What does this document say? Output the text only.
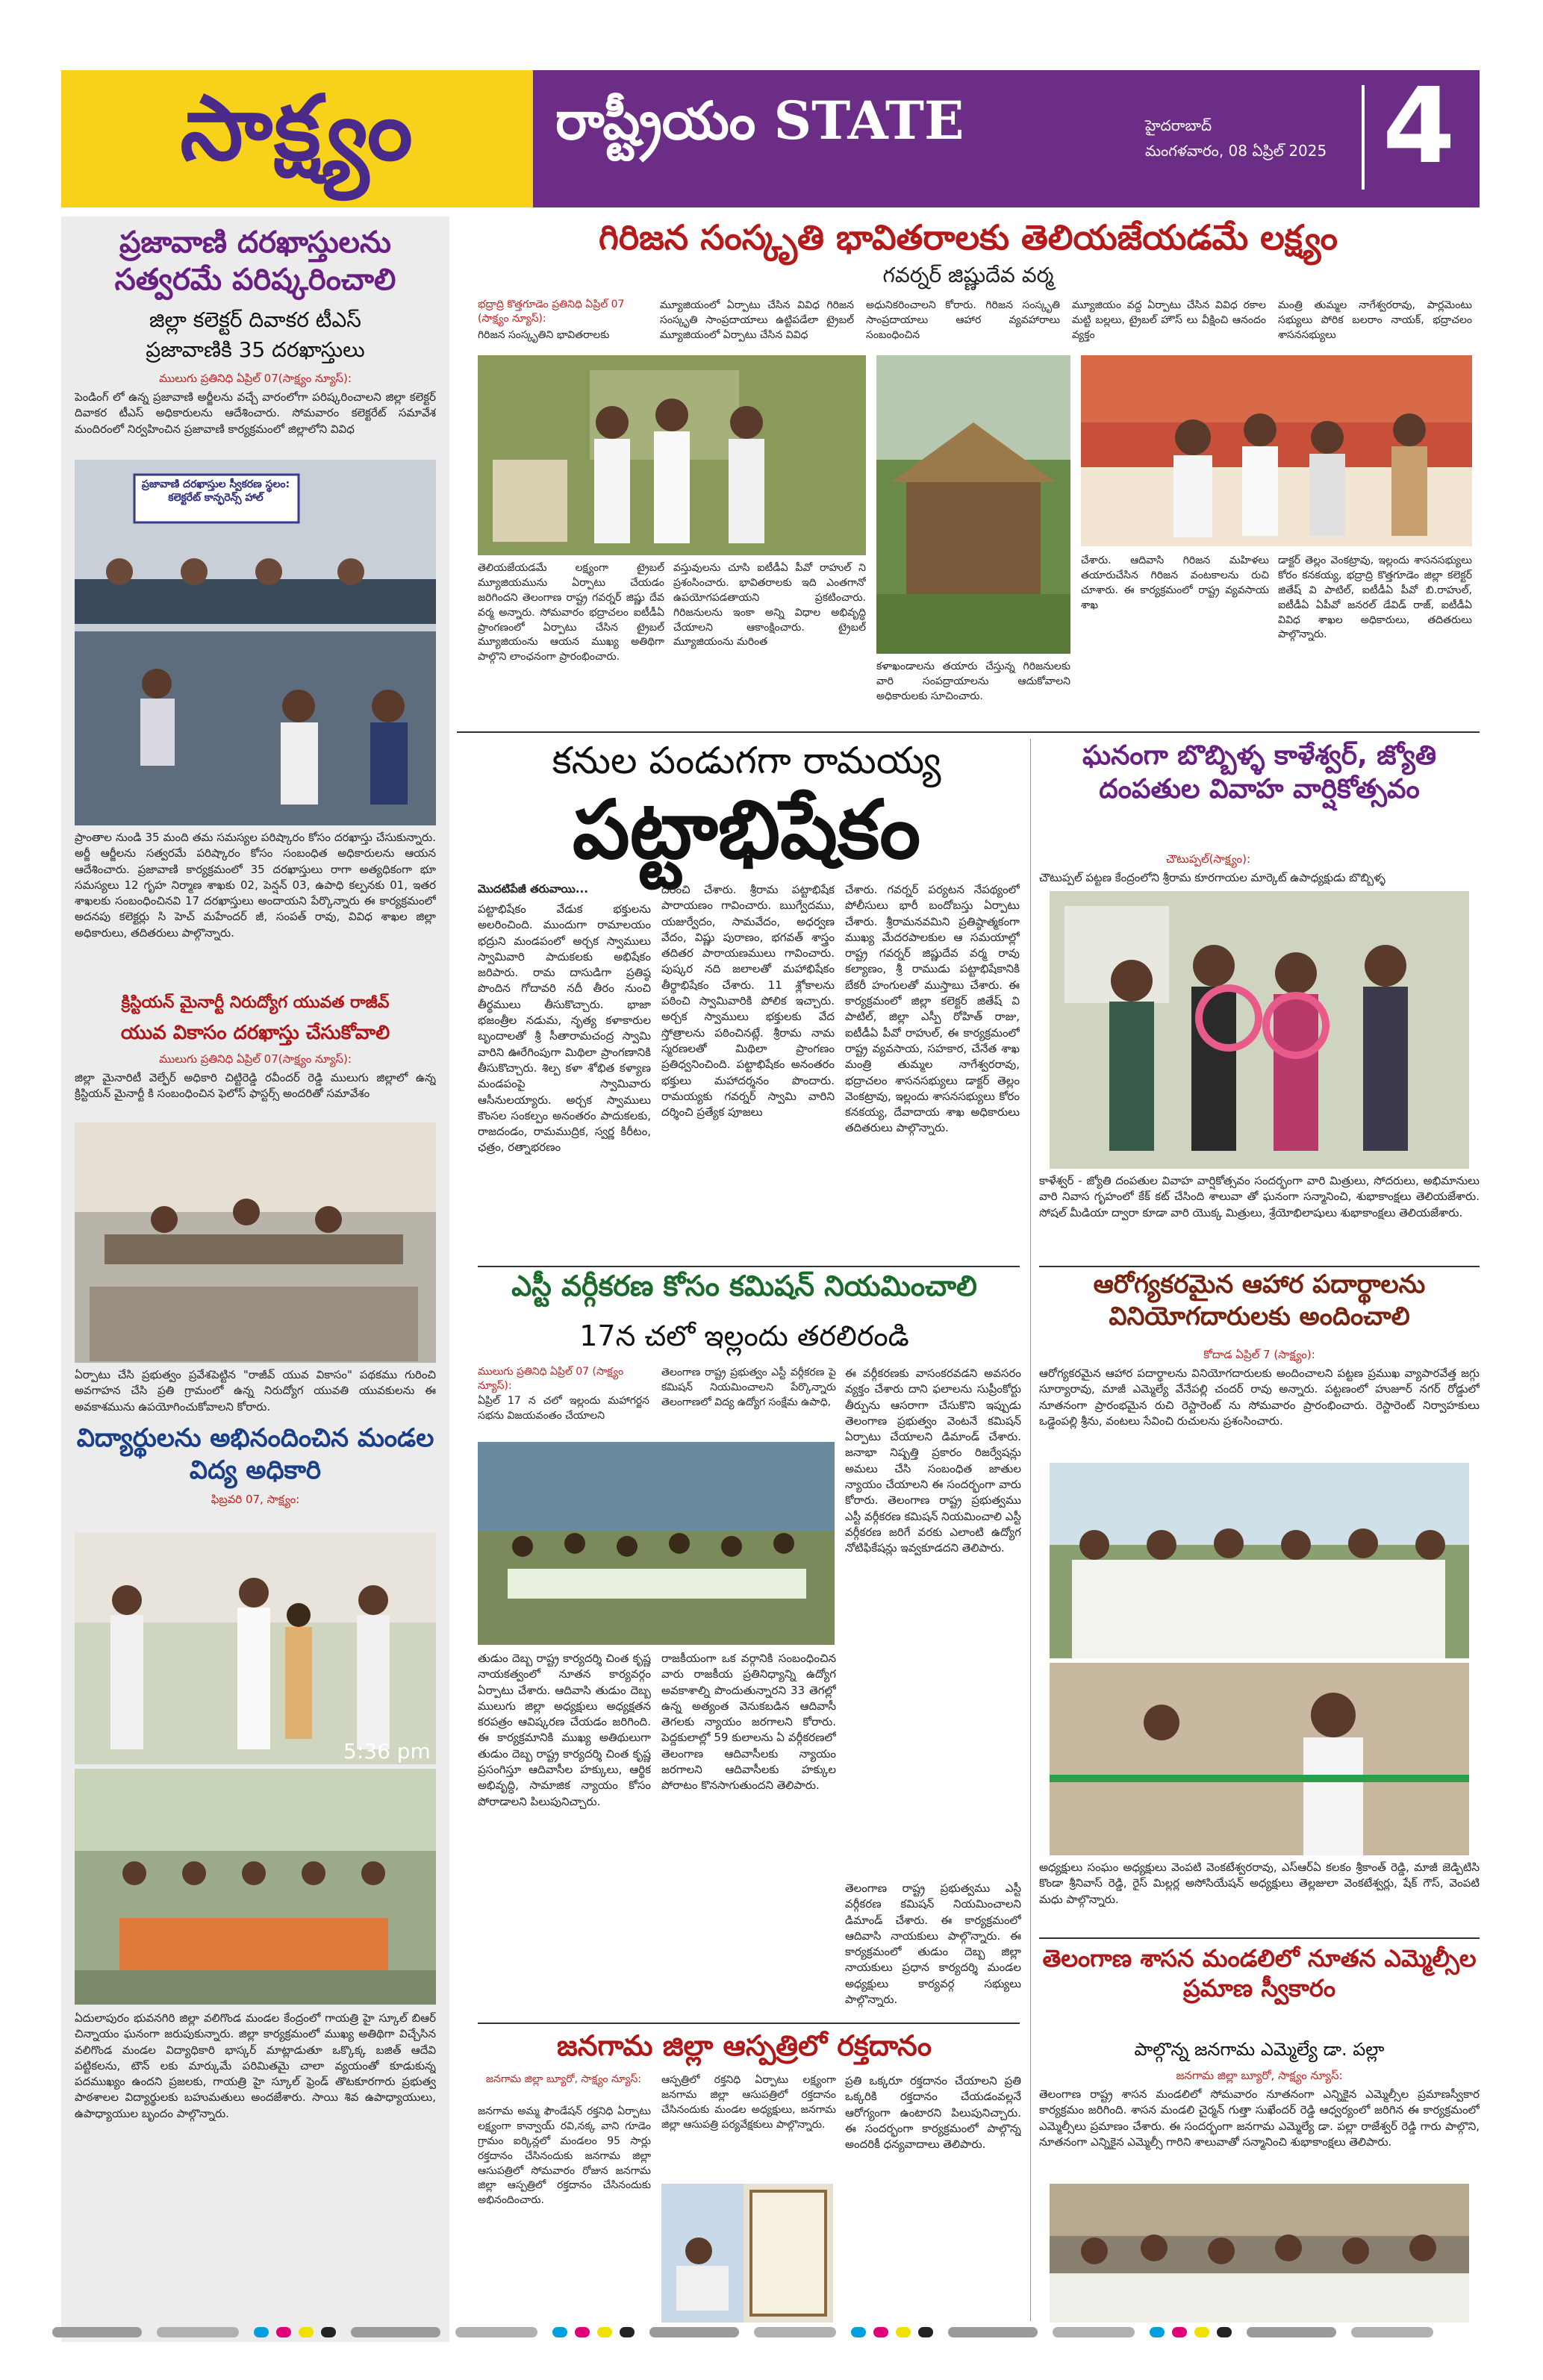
సాక్ష్యం	రాష్ట్రీయం STATE	హైదరాబాద్
మంగళవారం, 08 ఏప్రిల్ 2025 4
ప్రజావాణి దరఖాస్తులను సత్వరమే పరిష్కరించాలి
జిల్లా కలెక్టర్ దివాకర టీఎస్
ప్రజావాణికి 35 దరఖాస్తులు
ములుగు ప్రతినిధి ఏప్రిల్ 07(సాక్ష్యం న్యూస్):
పెండింగ్ లో ఉన్న ప్రజావాణి అర్జీలను వచ్చే వారంలోగా పరిష్కరించాలని జిల్లా కలెక్టర్ దివాకర టీఎస్ అధికారులను ఆదేశించారు. సోమవారం కలెక్టరేట్ సమావేశ మందిరంలో నిర్వహించిన ప్రజావాణి కార్యక్రమంలో జిల్లాలోని వివిధ
ప్రజావాణి దరఖాస్తుల స్వీకరణ స్థలం: కలెక్టరేట్ కాన్ఫరెన్స్ హాల్
ప్రాంతాల నుండి 35 మంది తమ సమస్యల పరిష్కారం కోసం దరఖాస్తు చేసుకున్నారు. అర్జీ ఆర్జీలను సత్వరమే పరిష్కారం కోసం సంబంధిత అధికారులను ఆయన ఆదేశించారు. ప్రజావాణి కార్యక్రమంలో 35 దరఖాస్తులు రాగా అత్యధికంగా భూ సమస్యలు 12 గృహ నిర్మాణ శాఖకు 02, పెన్షన్ 03, ఉపాధి కల్పనకు 01, ఇతర శాఖలకు సంబంధించినవి 17 దరఖాస్తులు అందాయని పేర్కొన్నారు ఈ కార్యక్రమంలో అదనపు కలెక్టర్లు సి హెచ్ మహేందర్ జీ, సంపత్ రావు, వివిధ శాఖల జిల్లా అధికారులు, తదితరులు పాల్గొన్నారు.
క్రిస్టియన్ మైనార్టీ నిరుద్యోగ యువత రాజీవ్
యువ వికాసం దరఖాస్తు చేసుకోవాలి
ములుగు ప్రతినిధి ఏప్రిల్ 07(సాక్ష్యం న్యూస్):
జిల్లా మైనారిటీ వెల్ఫేర్ అధికారి చిట్టిరెడ్డి రవీందర్ రెడ్డి ములుగు జిల్లాలో ఉన్న క్రిస్టియన్ మైనార్టీ కి సంబంధించిన ఫెలోస్ ఫాస్టర్స్ అందరితో సమావేశం
ఏర్పాటు చేసి ప్రభుత్వం ప్రవేశపెట్టిన "రాజీవ్ యువ వికాసం" పథకము గురించి అవగాహన చేసి ప్రతి గ్రామంలో ఉన్న నిరుద్యోగ యువతి యువకులను ఈ అవకాశమును ఉపయోగించుకోవాలని కోరారు.
విద్యార్థులను అభినందించిన మండల విద్య అధికారి
ఫిబ్రవరి 07, సాక్ష్యం:
5:36 pm
ఏదులాపురం భువనగిరి జిల్లా వలిగొండ మండల కేంద్రంలో గాయత్రి హై స్కూల్ బిఆర్ చిన్నాయం ఘనంగా జరుపుకున్నారు. జిల్లా కార్యక్రమంలో ముఖ్య అతిథిగా విచ్చేసిన వలిగొండ మండల విద్యాధికారి భాస్కర్ మాట్లాడుతూ ఒక్కొక్క బజిత్ ఆదేవి పట్టికలను, టౌన్ లకు మార్కుమే పరిమితమై చాలా వ్యయంతో కూడుకున్న పదముఖ్యం ఉందని ప్రజలకు, గాయత్రి హై స్కూల్ ఫ్రెండ్ తొటకూరగారు ప్రభుత్వ పాఠశాలల విద్యార్థులకు బహుమతులు అందజేశారు. సాయి శివ ఉపాధ్యాయులు, ఉపాధ్యాయుల బృందం పాల్గొన్నారు.
గిరిజన సంస్కృతి భావితరాలకు తెలియజేయడమే లక్ష్యం
గవర్నర్ జిష్ణుదేవ వర్మ
భద్రాద్రి కొత్తగూడెం ప్రతినిధి ఏప్రిల్ 07 (సాక్ష్యం న్యూస్):
గిరిజన సంస్కృతిని భావితరాలకు
మ్యూజియంలో ఏర్పాటు చేసిన వివిధ గిరిజన సంస్కృతి సాంప్రదాయాలు ఉట్టిపడేలా ట్రైబల్ మ్యూజియంలో ఏర్పాటు చేసిన వివిధ
అధునికరించాలని కోరారు. గిరిజన సంస్కృతి సాంప్రదాయాలు ఆహార వ్యవహారాలు సంబంధించిన
మ్యూజియం వద్ద ఏర్పాటు చేసిన వివిధ రకాల మట్టి బల్లలు, ట్రైబల్ హౌస్ లు వీక్షించి ఆనందం వ్యక్తం
మంత్రి తుమ్మల నాగేశ్వరరావు, పార్లమెంటు సభ్యులు పోరిక బలరాం నాయక్, భద్రాచలం శాసనసభ్యులు
తెలియజేయడమే లక్ష్యంగా ట్రైబల్ మ్యూజియమును ఏర్పాటు చేయడం జరిగిందని తెలంగాణ రాష్ట్ర గవర్నర్ జిష్ణు దేవ వర్మ అన్నారు. సోమవారం భద్రాచలం ఐటీడీఏ ప్రాంగణంలో ఏర్పాటు చేసిన ట్రైబల్ మ్యూజియంను ఆయన ముఖ్య అతిథిగా పాల్గొని లాంఛనంగా ప్రారంభించారు.
వస్తువులను చూసి ఐటీడీఏ పీవో రాహుల్ ని ప్రశంసించారు. భావితరాలకు ఇది ఎంతగానో ఉపయోగపడతాయని ప్రకటించారు. గిరిజనులను ఇంకా అన్ని విధాల అభివృద్ధి చేయాలని ఆకాంక్షించారు. ట్రైబల్ మ్యూజియంను మరింత
కళాఖండాలను తయారు చేస్తున్న గిరిజనులకు వారి సంపద్రాయాలను ఆదుకోవాలని అధికారులకు సూచించారు.
చేశారు. ఆదివాసి గిరిజన మహిళలు తయారుచేసిన గిరిజన వంటకాలను రుచి చూశారు. ఈ కార్యక్రమంలో రాష్ట్ర వ్యవసాయ శాఖ
డాక్టర్ తెల్లం వెంకట్రావు, ఇల్లందు శాసనసభ్యులు కోరం కనకయ్య, భద్రాద్రి కొత్తగూడెం జిల్లా కలెక్టర్ జితేష్ వి పాటిల్, ఐటీడీఏ పీవో బి.రాహుల్, ఐటీడీఏ ఏపీవో జనరల్ డేవిడ్ రాజ్, ఐటీడీఏ వివిధ శాఖల అధికారులు, తదితరులు పాల్గొన్నారు.
కనుల పండుగగా రామయ్య
పట్టాభిషేకం
మొదటిపేజీ తరువాయి...
పట్టాభిషేకం వేడుక భక్తులను అలరించింది. ముందుగా రామాలయం భద్రుని మండపంలో అర్చక స్వాములు స్వామివారి పాదుకలకు అభిషేకం జరిపారు. రామ దాసుడిగా ప్రతిష్ఠ పొందిన గోదావరి నదీ తీరం నుంచి తీర్థములు తీసుకొచ్చారు. భాజా భజంత్రీల నడుమ, నృత్య కళాకారుల బృందాలతో శ్రీ సీతారామచంద్ర స్వామి వారిని ఊరేగింపుగా మిథిలా ప్రాంగణానికి తీసుకొచ్చారు. శిల్ప కళా శోభిత కళ్యాణ మండపంపై స్వామివారు ఆసీనులయ్యారు. అర్చక స్వాములు కౌంసల సంకల్పం అనంతరం పాదుకలకు, రాజదండం, రామముద్రిక, స్వర్ణ కిరీటం, ఛత్రం, రత్నాభరణం
దరించి చేశారు. శ్రీరామ పట్టాభిషేక పారాయణం గావించారు. ఋగ్వేదము, యజుర్వేదం, సామవేదం, అధర్వణ వేదం, విష్ణు పురాణం, భగవత్ శాస్త్రం తదితర పారాయణములు గావించారు. పుష్కర నది జలాలతో మహాభిషేకం తీర్థాభిషేకం చేశారు. 11 శ్లోకాలను పఠించి స్వామివారికి పోలిక ఇచ్చారు. అర్చక స్వాములు భక్తులకు వేద స్తోత్రాలను పఠించినట్లే. శ్రీరామ నామ స్మరణలతో మిథిలా ప్రాంగణం ప్రతిధ్వనించింది. పట్టాభిషేకం అనంతరం భక్తులు మహాదర్శనం పొందారు. రామయ్యకు గవర్నర్ స్వామి వారిని దర్శించి ప్రత్యేక పూజలు
చేశారు. గవర్నర్ పర్యటన నేపథ్యంలో పోలీసులు భారీ బందోబస్తు ఏర్పాటు చేశారు. శ్రీరామనవమిని ప్రతిష్ఠాత్మకంగా ముఖ్య మేదరపాలకుల ఆ సమయాల్లో రాష్ట్ర గవర్నర్ జిష్ణుదేవ వర్మ రావు కల్యాణం, శ్రీ రాముడు పట్టాభిషేకానికి బేకరీ హంగులతో ముస్తాబు చేశారు. ఈ కార్యక్రమంలో జిల్లా కలెక్టర్ జితేష్ వి పాటిల్, జిల్లా ఎస్పీ రోహిత్ రాజు, ఐటీడీఏ పీవో రాహుల్, ఈ కార్యక్రమంలో రాష్ట్ర వ్యవసాయ, సహకార, చేనేత శాఖ మంత్రి తుమ్మల నాగేశ్వరరావు, భద్రాచలం శాసనసభ్యులు డాక్టర్ తెల్లం వెంకట్రావు, ఇల్లందు శాసనసభ్యులు కోరం కనకయ్య, దేవాదాయ శాఖ అధికారులు తదితరులు పాల్గొన్నారు.
ఎస్టీ వర్గీకరణ కోసం కమిషన్ నియమించాలి
17న చలో ఇల్లందు తరలిరండి
ములుగు ప్రతినిధి ఏప్రిల్ 07 (సాక్ష్యం న్యూస్):
ఏప్రిల్ 17 న చలో ఇల్లందు మహాగర్జన సభను విజయవంతం చేయాలని
తెలంగాణ రాష్ట్ర ప్రభుత్వం ఎస్టీ వర్గీకరణ పై కమిషన్ నియమించాలని పేర్కొన్నారు తెలంగాణలో విద్య ఉద్యోగ సంక్షేమ ఉపాధి,
ఈ వర్గీకరణకు వాసంకరవడని అవసరం వ్యక్తం చేశారు దాని ఫలాలను సుప్రీంకోర్టు తీర్పును ఆసరాగా చేసుకొని ఇప్పుడు తెలంగాణ ప్రభుత్వం వెంటనే కమిషన్ ఏర్పాటు చేయాలని డిమాండ్ చేశారు. జనాభా నిష్పత్తి ప్రకారం రిజర్వేషన్లు అమలు చేసి సంబంధిత జాతుల న్యాయం చేయాలని ఈ సందర్భంగా వారు కోరారు. తెలంగాణ రాష్ట్ర ప్రభుత్వము ఎస్టీ వర్గీకరణ కమిషన్ నియమించాలి ఎస్టీ వర్గీకరణ జరిగే వరకు ఎలాంటి ఉద్యోగ నోటిఫికేషన్లు ఇవ్వకూడదని తెలిపారు.
తుడుం దెబ్బ రాష్ట్ర కార్యదర్శి చింత కృష్ణ నాయకత్వంలో నూతన కార్యవర్గం ఏర్పాటు చేశారు. ఆదివాసి తుడుం దెబ్బ ములుగు జిల్లా అధ్యక్షులు అధ్యక్షతన కరపత్రం ఆవిష్కరణ చేయడం జరిగింది. ఈ కార్యక్రమానికి ముఖ్య అతిథులుగా తుడుం దెబ్బ రాష్ట్ర కార్యదర్శి చింత కృష్ణ ప్రసంగిస్తూ ఆదివాసీల హక్కులు, ఆర్థిక అభివృద్ధి, సామాజిక న్యాయం కోసం పోరాడాలని పిలుపునిచ్చారు.
రాజకీయంగా ఒక వర్గానికి సంబంధించిన వారు రాజకీయ ప్రతినిధ్యాన్ని ఉద్యోగ అవకాశాల్ని పొందుతున్నారని 33 తెగల్లో ఉన్న అత్యంత వెనుకబడిన ఆదివాసీ తెగలకు న్యాయం జరగాలని కోరారు. పెద్దకులాల్లో 59 కులాలను ఏ వర్గీకరణలో తెలంగాణ ఆదివాసీలకు న్యాయం జరగాలని ఆదివాసీలకు హక్కుల పోరాటం కొనసాగుతుందని తెలిపారు.
తెలంగాణ రాష్ట్ర ప్రభుత్వము ఎస్టీ వర్గీకరణ కమిషన్ నియమించాలని డిమాండ్ చేశారు. ఈ కార్యక్రమంలో ఆదివాసి నాయకులు పాల్గొన్నారు. ఈ కార్యక్రమంలో తుడుం దెబ్బ జిల్లా నాయకులు ప్రధాన కార్యదర్శి మండల అధ్యక్షులు కార్యవర్గ సభ్యులు పాల్గొన్నారు.
జనగామ జిల్లా ఆస్పత్రిలో రక్తదానం
జనగామ జిల్లా బ్యూరో, సాక్ష్యం న్యూస్:
జనగామ అమ్మ ఫౌండేషన్ రక్తనిధి ఏర్పాటు లక్ష్యంగా కాన్వాయ్ రవి,నక్క వాని గూడెం గ్రామం ఐర్కిన్లలో మండలం 95 సార్లు రక్తదానం చేసినందుకు జనగామ జిల్లా ఆసుపత్రిలో సోమవారం రోజున జనగామ జిల్లా ఆస్పత్రిలో రక్తదానం చేసినందుకు అభినందించారు.
ఆస్పత్రిలో రక్తనిధి ఏర్పాటు లక్ష్యంగా జనగామ జిల్లా ఆసుపత్రిలో రక్తదానం చేసినందుకు మండల అధ్యక్షులు, జనగామ జిల్లా ఆసుపత్రి పర్యవేక్షకులు పాల్గొన్నారు.
ప్రతి ఒక్కరూ రక్తదానం చేయాలని ప్రతి ఒక్కరికి రక్తదానం చేయడంవల్లనే ఆరోగ్యంగా ఉంటారని పిలుపునిచ్చారు. ఈ సందర్భంగా కార్యక్రమంలో పాల్గొన్న అందరికీ ధన్యవాదాలు తెలిపారు.
ఘనంగా బొబ్బిళ్ళ కాళేశ్వర్, జ్యోతి దంపతుల వివాహ వార్షికోత్సవం
చౌటుప్పల్(సాక్ష్యం):
చౌటుప్పల్ పట్టణ కేంద్రంలోని శ్రీరామ కూరగాయల మార్కెట్ ఉపాధ్యక్షుడు బొబ్బిళ్ళ
కాళేశ్వర్ - జ్యోతి దంపతుల వివాహ వార్షికోత్సవం సందర్భంగా వారి మిత్రులు, సోదరులు, అభిమానులు వారి నివాస గృహంలో కేక్ కట్ చేసింది శాలువా తో ఘనంగా సన్మానించి, శుభాకాంక్షలు తెలియజేశారు. సోషల్ మీడియా ద్వారా కూడా వారి యొక్క మిత్రులు, శ్రేయోభిలాషులు శుభాకాంక్షలు తెలియజేశారు.
ఆరోగ్యకరమైన ఆహార పదార్థాలను వినియోగదారులకు అందించాలి
కోదాడ ఏప్రిల్ 7 (సాక్ష్యం):
ఆరోగ్యకరమైన ఆహార పదార్థాలను వినియోగదారులకు అందించాలని పట్టణ ప్రముఖ వ్యాపారవేత్త జగ్గు సూర్యారావు, మాజీ ఎమ్మెల్యే వేనేపల్లి చందర్ రావు అన్నారు. పట్టణంలో హుజూర్ నగర్ రోడ్డులో నూతనంగా ప్రారంభమైన రుచి రెస్టారెంట్ ను సోమవారం ప్రారంభించారు. రెస్టారెంట్ నిర్వాహకులు ఒడ్డెంపల్లి శ్రీను, వంటలు సేవించి రుచులను ప్రశంసించారు.
అధ్యక్షులు సంఘం అధ్యక్షులు వెంపటి వెంకటేశ్వరరావు, ఎస్ఆర్ఏ కలకం శ్రీకాంత్ రెడ్డి, మాజీ జెడ్పిటిసి కొండా శ్రీనివాస్ రెడ్డి, రైస్ మిల్లర్ల అసోసియేషన్ అధ్యక్షులు తెల్లజులా వెంకటేశ్వర్లు, షేక్ గౌస్, వెంపటి మధు పాల్గొన్నారు.
తెలంగాణ శాసన మండలిలో నూతన ఎమ్మెల్సీల ప్రమాణ స్వీకారం
పాల్గొన్న జనగామ ఎమ్మెల్యే డా. పల్లా
జనగామ జిల్లా బ్యూరో, సాక్ష్యం న్యూస్:
తెలంగాణ రాష్ట్ర శాసన మండలిలో సోమవారం నూతనంగా ఎన్నికైన ఎమ్మెల్సీల ప్రమాణస్వీకార కార్యక్రమం జరిగింది. శాసన మండలి చైర్మన్ గుత్తా సుఖేందర్ రెడ్డి ఆధ్వర్యంలో జరిగిన ఈ కార్యక్రమంలో ఎమ్మెల్సీలు ప్రమాణం చేశారు. ఈ సందర్భంగా జనగామ ఎమ్మెల్యే డా. పల్లా రాజేశ్వర్ రెడ్డి గారు పాల్గొని, నూతనంగా ఎన్నికైన ఎమ్మెల్సీ గారిని శాలువాతో సన్మానించి శుభాకాంక్షలు తెలిపారు.
